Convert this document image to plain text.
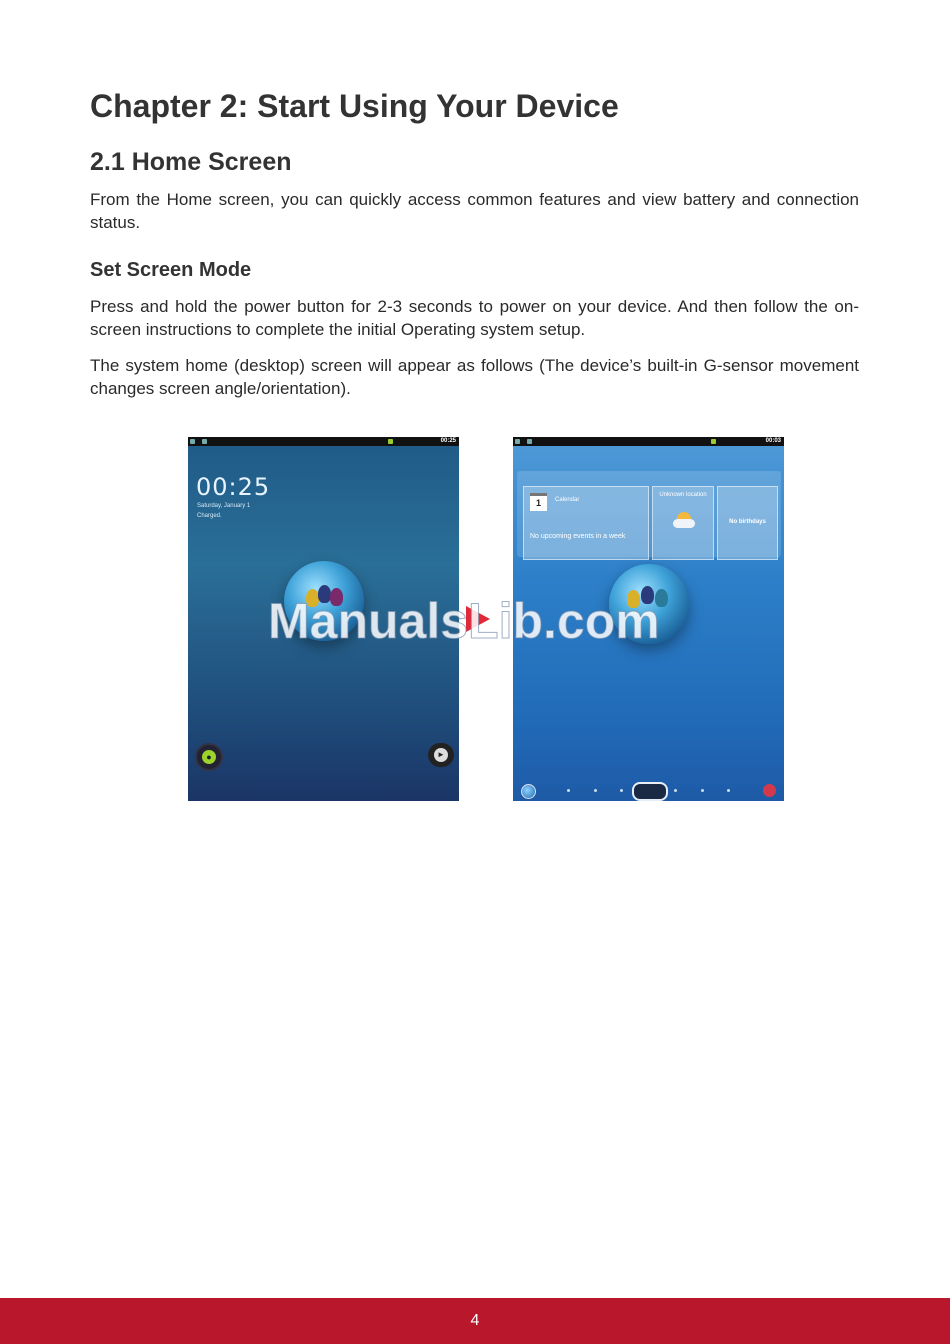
Chapter 2: Start Using Your Device
2.1 Home Screen

From the Home screen, you can quickly access common features and view battery and connection status.

Set Screen Mode

Press and hold the power button for 2-3 seconds to power on your device. And then follow the on-screen instructions to complete the initial Operating system setup.

The system home (desktop) screen will appear as follows (The device’s built-in G-sensor movement changes screen angle/orientation).

00:25
00:25
Saturday, January 1
Charged.
●	►
00:03
1	Calendar
No upcoming events in a week
Unknown location
No birthdays
ManualsLib.com
4
